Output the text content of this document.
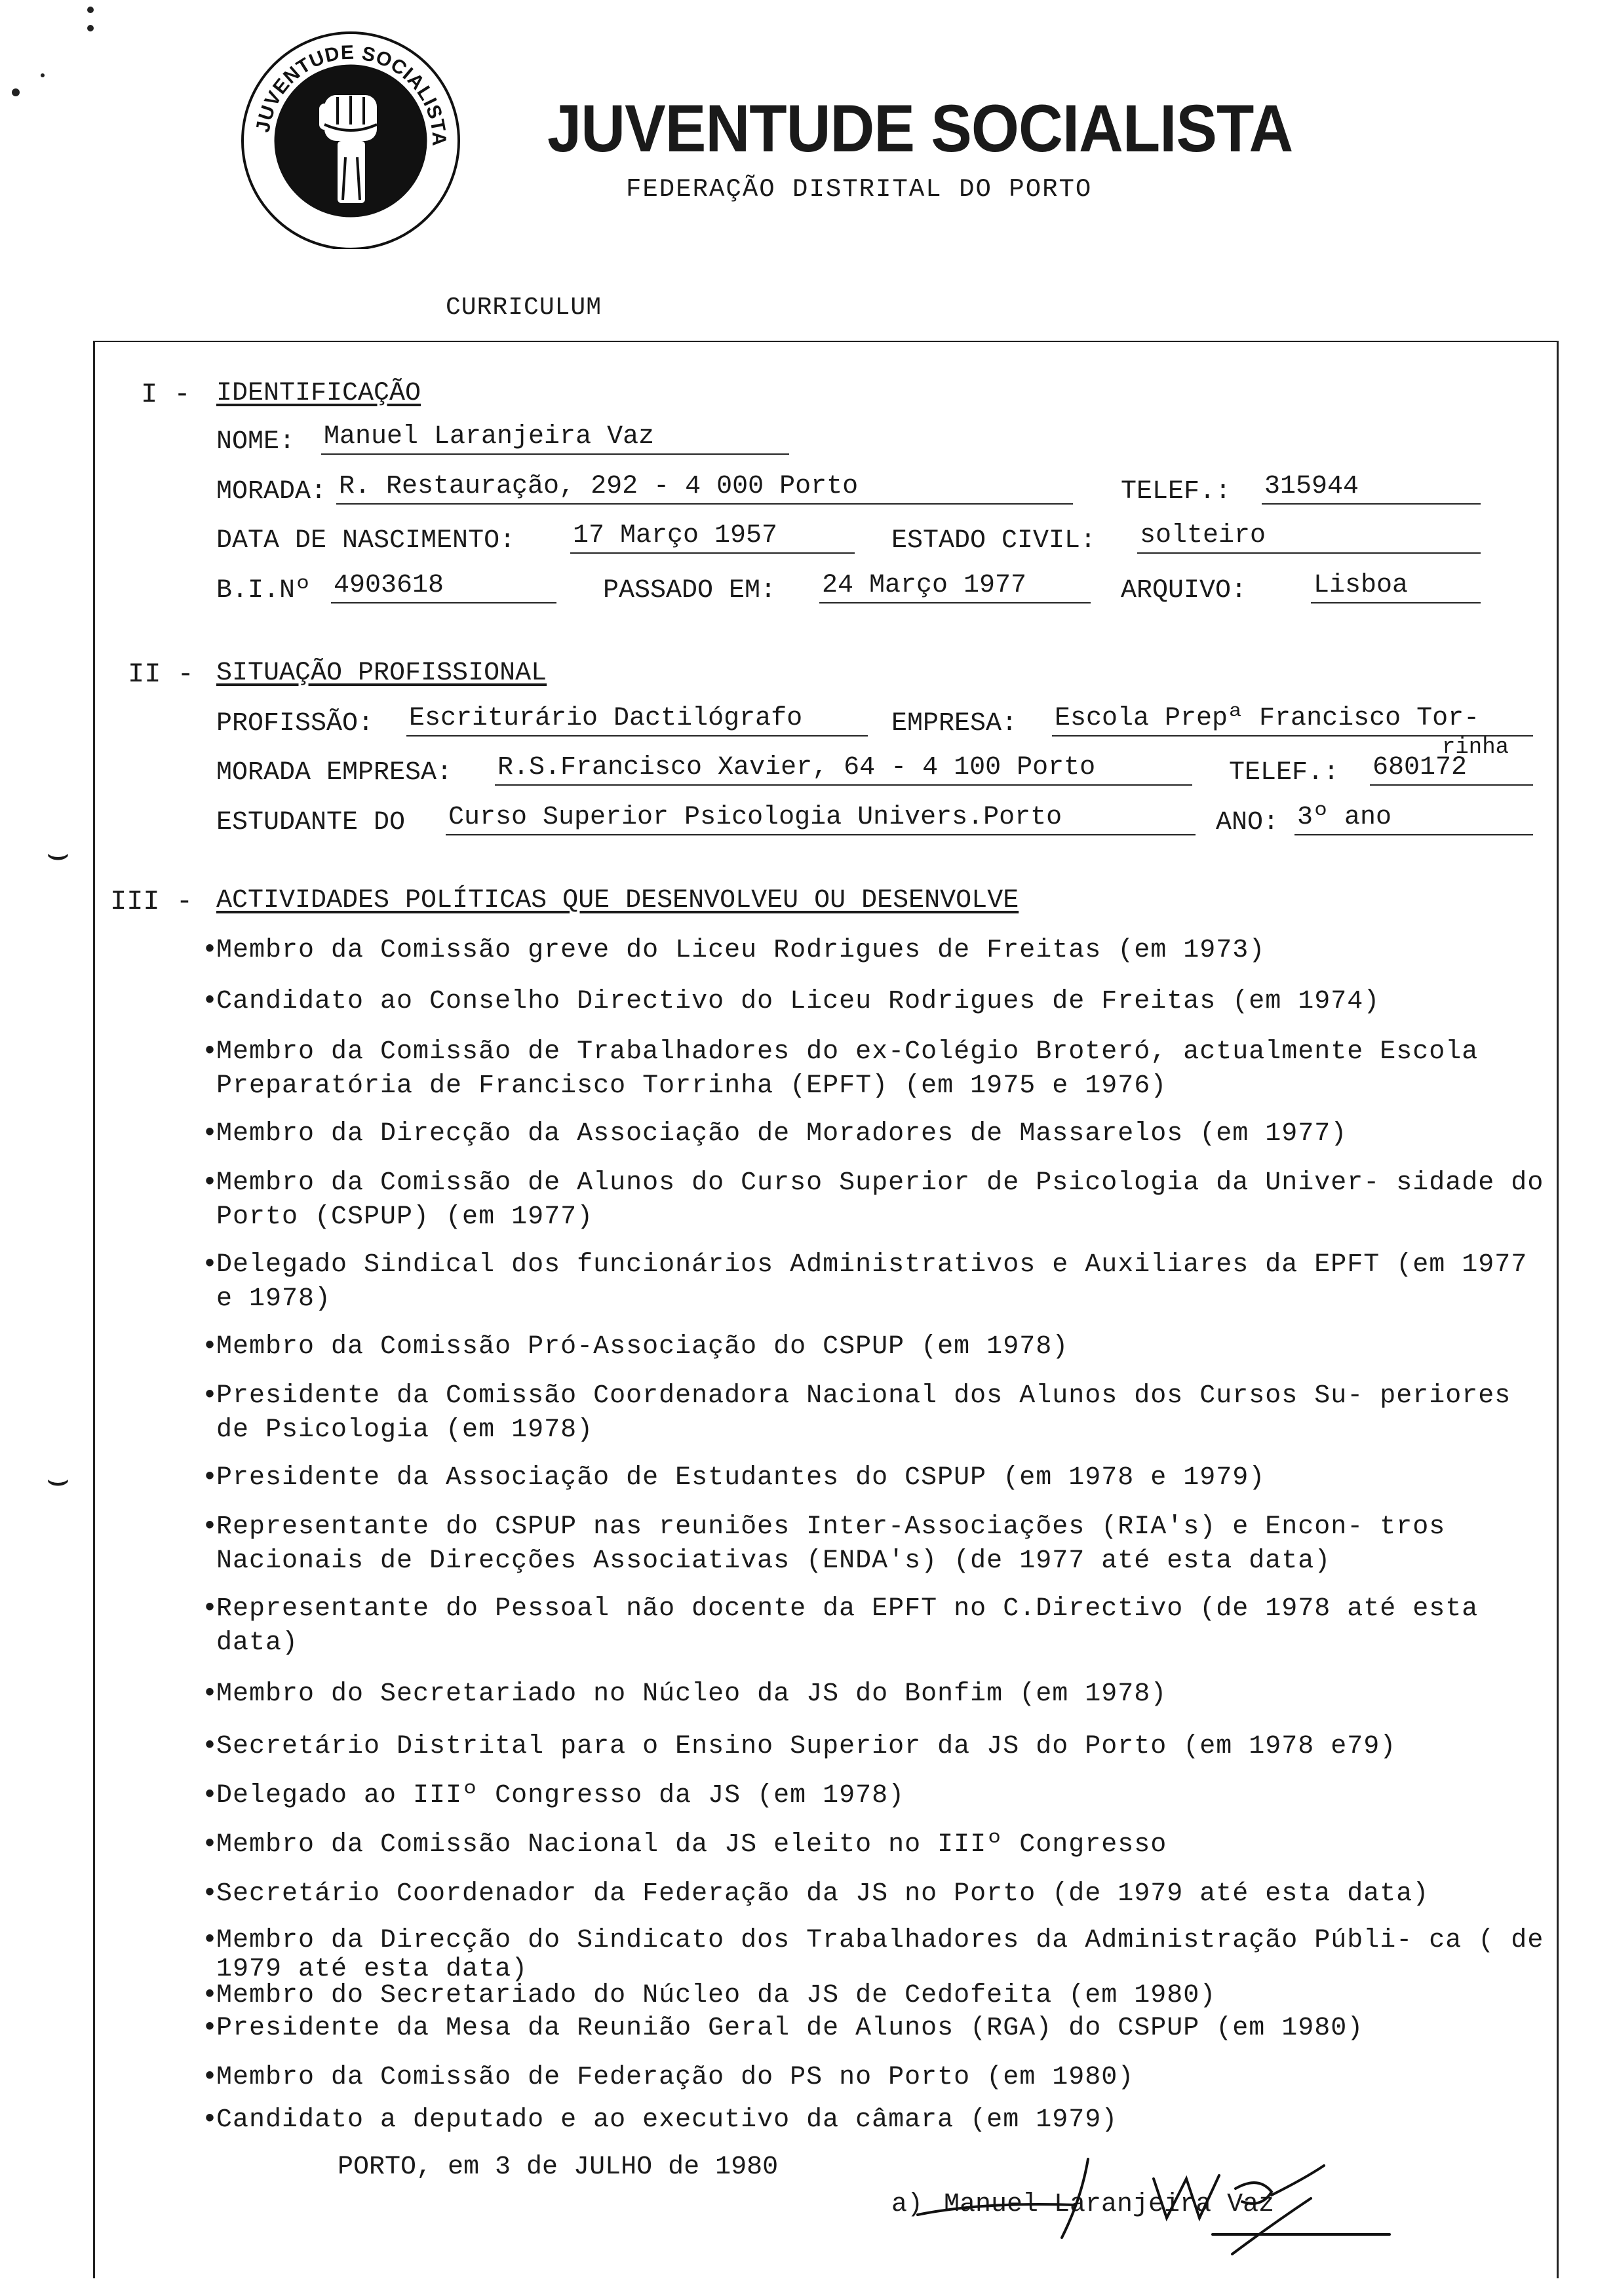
JUVENTUDE SOCIALISTA JUVENTUDE SOCIALISTA
FEDERAÇÃO DISTRITAL DO PORTO
CURRICULUM
⌣
⌣
I - IDENTIFICAÇÃO
NOME: Manuel Laranjeira Vaz
MORADA: R. Restauração, 292 - 4 000 Porto	TELEF.: 315944
DATA DE NASCIMENTO: 17 Março 1957	ESTADO CIVIL: solteiro
B.I.Nº 4903618	PASSADO EM: 24 Março 1977	ARQUIVO:	Lisboa
II - SITUAÇÃO PROFISSIONAL
PROFISSÃO: Escriturário Dactilógrafo	EMPRESA: Escola Prepª Francisco Tor-
rinha
MORADA EMPRESA: R.S.Francisco Xavier, 64 - 4 100 Porto	TELEF.: 680172
ESTUDANTE DO Curso Superior Psicologia Univers.Porto	ANO: 3º ano
III - ACTIVIDADES POLÍTICAS QUE DESENVOLVEU OU DESENVOLVE
•
Membro da Comissão greve do Liceu Rodrigues de Freitas (em 1973)
•
Candidato ao Conselho Directivo do Liceu Rodrigues de Freitas (em 1974)
•
Membro da Comissão de Trabalhadores do ex-Colégio Broteró, actualmente Escola Preparatória de Francisco Torrinha (EPFT) (em 1975 e 1976)
•
Membro da Direcção da Associação de Moradores de Massarelos (em 1977)
•
Membro da Comissão de Alunos do Curso Superior de Psicologia da Univer- sidade do Porto (CSPUP) (em 1977)
•
Delegado Sindical dos funcionários Administrativos e Auxiliares da EPFT (em 1977 e 1978)
•
Membro da Comissão Pró-Associação do CSPUP (em 1978)
•
Presidente da Comissão Coordenadora Nacional dos Alunos dos Cursos Su- periores de Psicologia (em 1978)
•
Presidente da Associação de Estudantes do CSPUP (em 1978 e 1979)
•
Representante do CSPUP nas reuniões Inter-Associações (RIA's) e Encon- tros Nacionais de Direcções Associativas (ENDA's) (de 1977 até esta data)
•
Representante do Pessoal não docente da EPFT no C.Directivo (de 1978 até esta data)
•
Membro do Secretariado no Núcleo da JS do Bonfim (em 1978)
•
Secretário Distrital para o Ensino Superior da JS do Porto (em 1978 e79)
•
Delegado ao IIIº Congresso da JS (em 1978)
•
Membro da Comissão Nacional da JS eleito no IIIº Congresso
•
Secretário Coordenador da Federação da JS no Porto (de 1979 até esta data)
•
Membro da Direcção do Sindicato dos Trabalhadores da Administração Públi- ca ( de 1979 até esta data)
•
Membro do Secretariado do Núcleo da JS de Cedofeita (em 1980)
•
Presidente da Mesa da Reunião Geral de Alunos (RGA) do CSPUP (em 1980)
•
Membro da Comissão de Federação do PS no Porto (em 1980)
•
Candidato a deputado e ao executivo da câmara (em 1979)
PORTO, em 3 de JULHO de 1980
a) Manuel Laranjeira Vaz
